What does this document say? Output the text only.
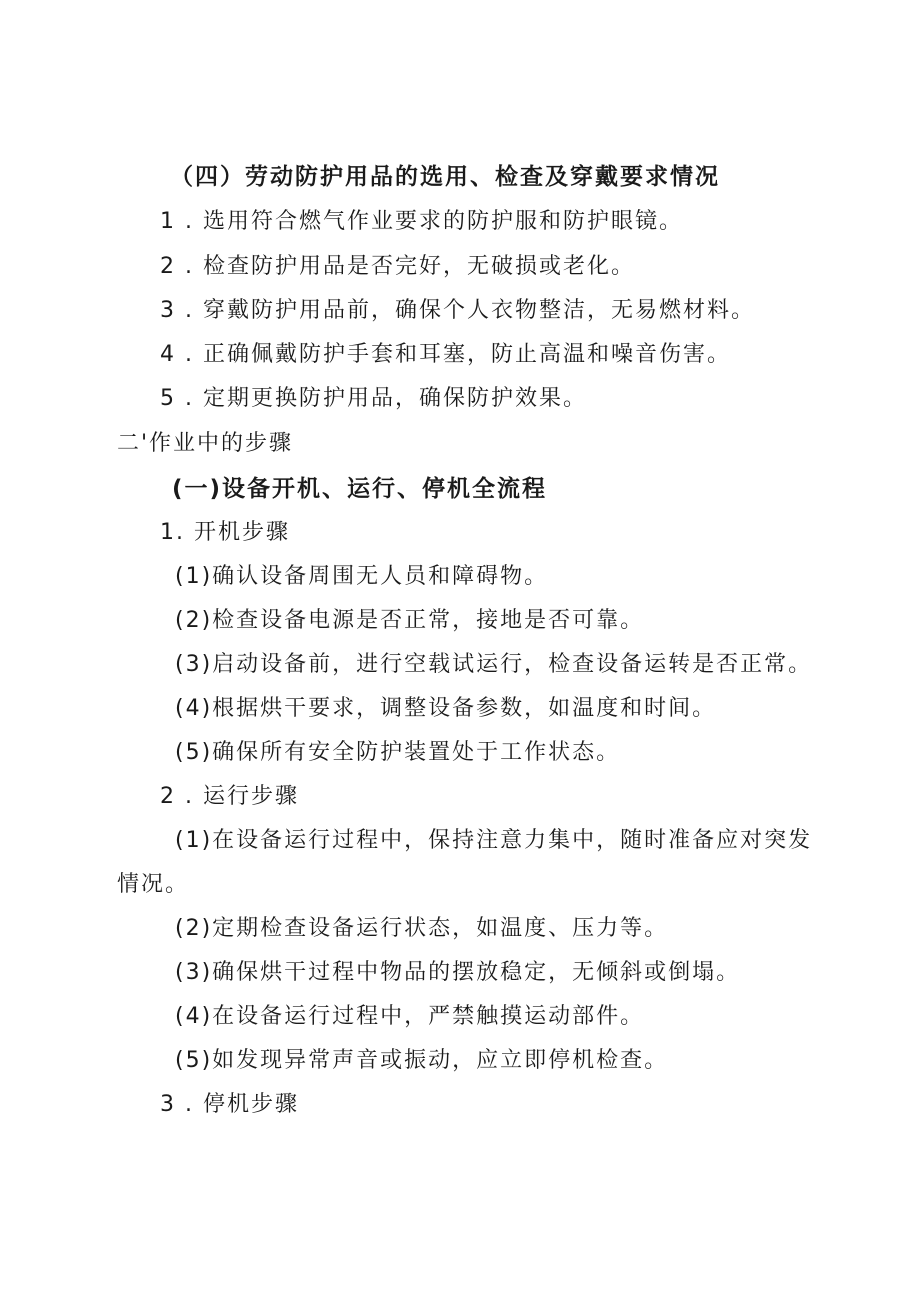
（四）劳动防护用品的选用、检查及穿戴要求情况
1 . 选用符合燃气作业要求的防护服和防护眼镜。
2 . 检查防护用品是否完好，无破损或老化。
3 . 穿戴防护用品前，确保个人衣物整洁，无易燃材料。
4 . 正确佩戴防护手套和耳塞，防止高温和噪音伤害。
5 . 定期更换防护用品，确保防护效果。
二'作业中的步骤
(一)设备开机、运行、停机全流程
1. 开机步骤
(1)确认设备周围无人员和障碍物。
(2)检查设备电源是否正常，接地是否可靠。
(3)启动设备前，进行空载试运行，检查设备运转是否正常。
(4)根据烘干要求，调整设备参数，如温度和时间。
(5)确保所有安全防护装置处于工作状态。
2 . 运行步骤
(1)在设备运行过程中，保持注意力集中，随时准备应对突发
情况。
(2)定期检查设备运行状态，如温度、压力等。
(3)确保烘干过程中物品的摆放稳定，无倾斜或倒塌。
(4)在设备运行过程中，严禁触摸运动部件。
(5)如发现异常声音或振动，应立即停机检查。
3 . 停机步骤
